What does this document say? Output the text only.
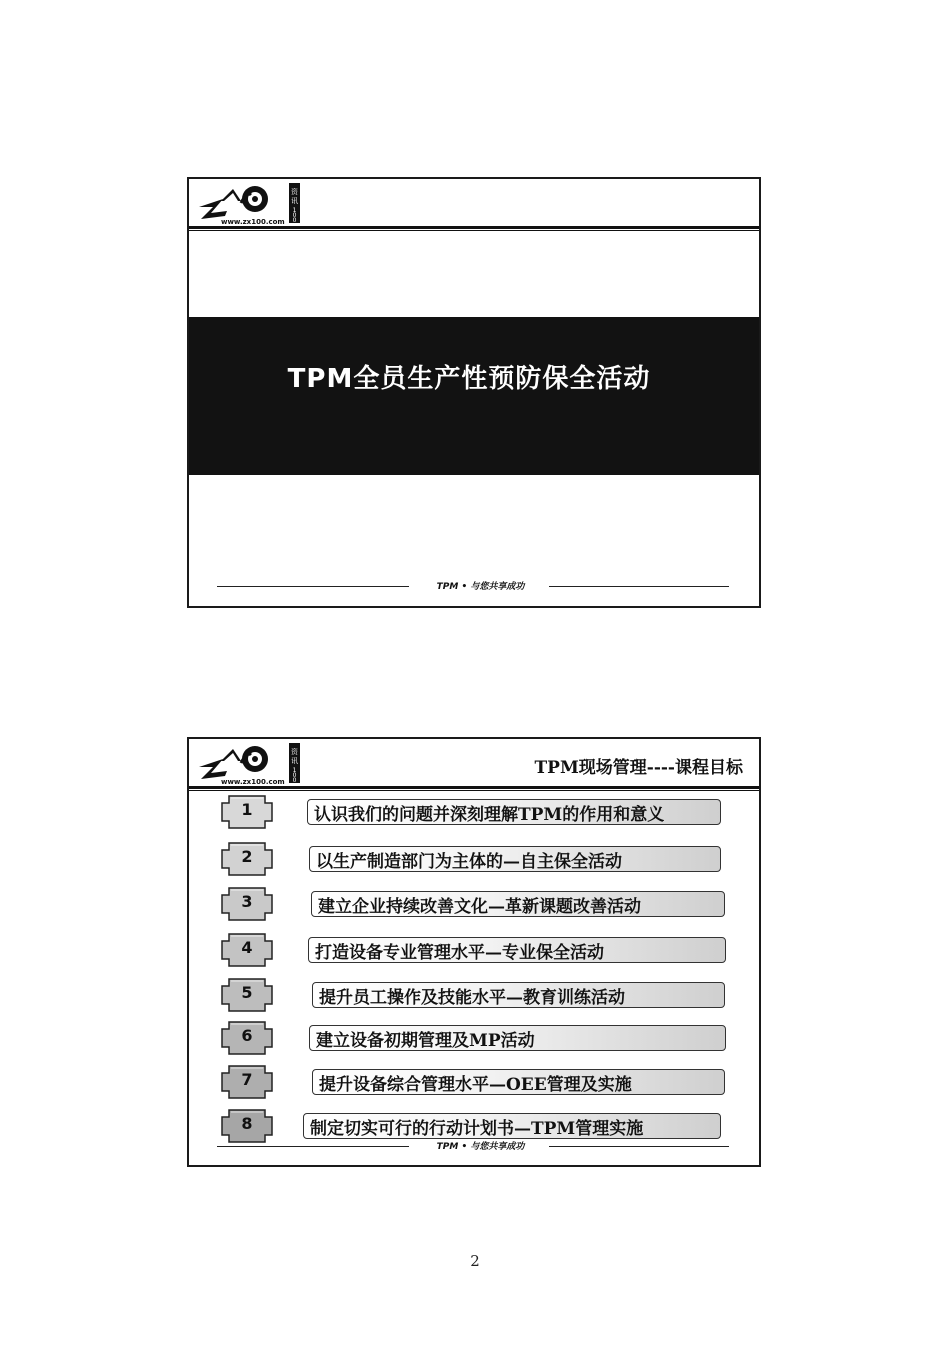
www.zx100.com
资
讯
1
0
0
TPM全员生产性预防保全活动
TPM • 与您共享成功
www.zx100.com
资
讯
1
0
0
TPM现场管理----课程目标
1	认识我们的问题并深刻理解TPM的作用和意义
2	以生产制造部门为主体的—自主保全活动
3	建立企业持续改善文化—革新课题改善活动
4	打造设备专业管理水平—专业保全活动
5	提升员工操作及技能水平—教育训练活动
6	建立设备初期管理及MP活动
7	提升设备综合管理水平—OEE管理及实施
8	制定切实可行的行动计划书—TPM管理实施
TPM • 与您共享成功
2
